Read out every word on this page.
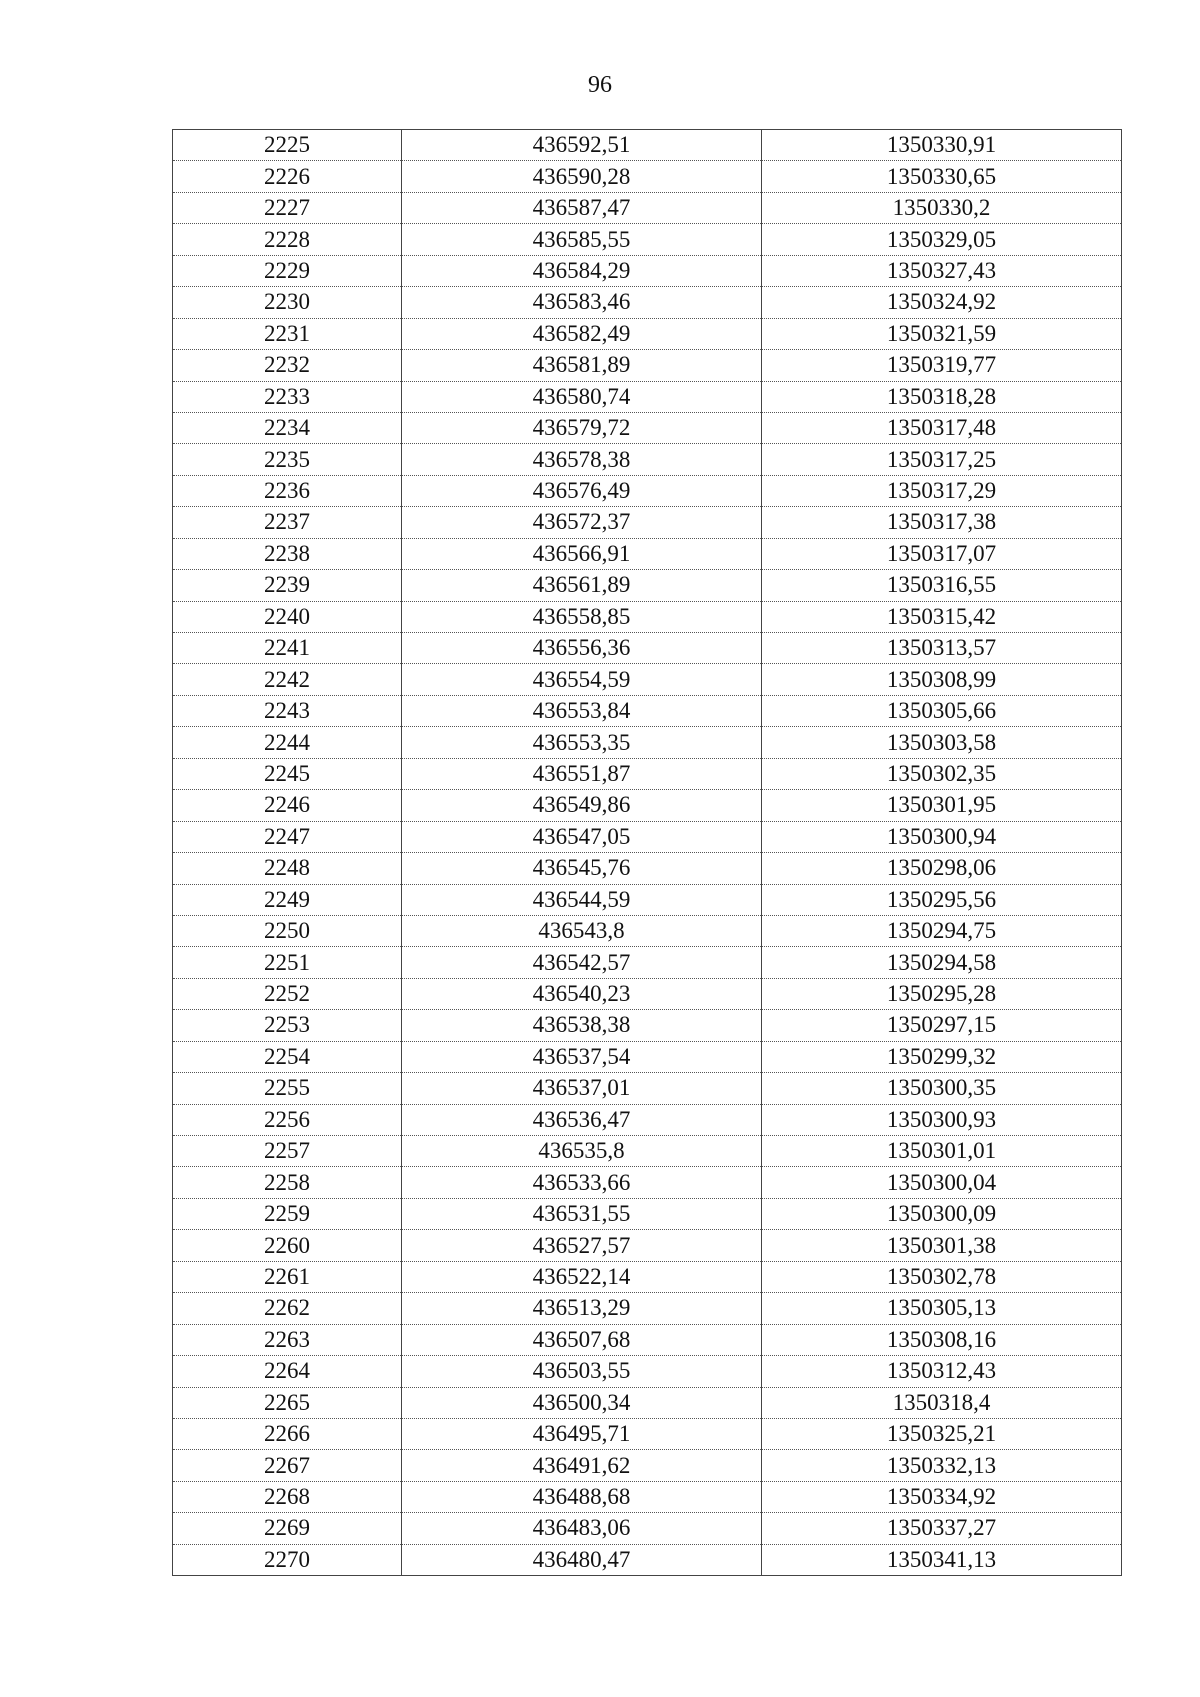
96
2225	436592,51	1350330,91
2226	436590,28	1350330,65
2227	436587,47	1350330,2
2228	436585,55	1350329,05
2229	436584,29	1350327,43
2230	436583,46	1350324,92
2231	436582,49	1350321,59
2232	436581,89	1350319,77
2233	436580,74	1350318,28
2234	436579,72	1350317,48
2235	436578,38	1350317,25
2236	436576,49	1350317,29
2237	436572,37	1350317,38
2238	436566,91	1350317,07
2239	436561,89	1350316,55
2240	436558,85	1350315,42
2241	436556,36	1350313,57
2242	436554,59	1350308,99
2243	436553,84	1350305,66
2244	436553,35	1350303,58
2245	436551,87	1350302,35
2246	436549,86	1350301,95
2247	436547,05	1350300,94
2248	436545,76	1350298,06
2249	436544,59	1350295,56
2250	436543,8	1350294,75
2251	436542,57	1350294,58
2252	436540,23	1350295,28
2253	436538,38	1350297,15
2254	436537,54	1350299,32
2255	436537,01	1350300,35
2256	436536,47	1350300,93
2257	436535,8	1350301,01
2258	436533,66	1350300,04
2259	436531,55	1350300,09
2260	436527,57	1350301,38
2261	436522,14	1350302,78
2262	436513,29	1350305,13
2263	436507,68	1350308,16
2264	436503,55	1350312,43
2265	436500,34	1350318,4
2266	436495,71	1350325,21
2267	436491,62	1350332,13
2268	436488,68	1350334,92
2269	436483,06	1350337,27
2270	436480,47	1350341,13
